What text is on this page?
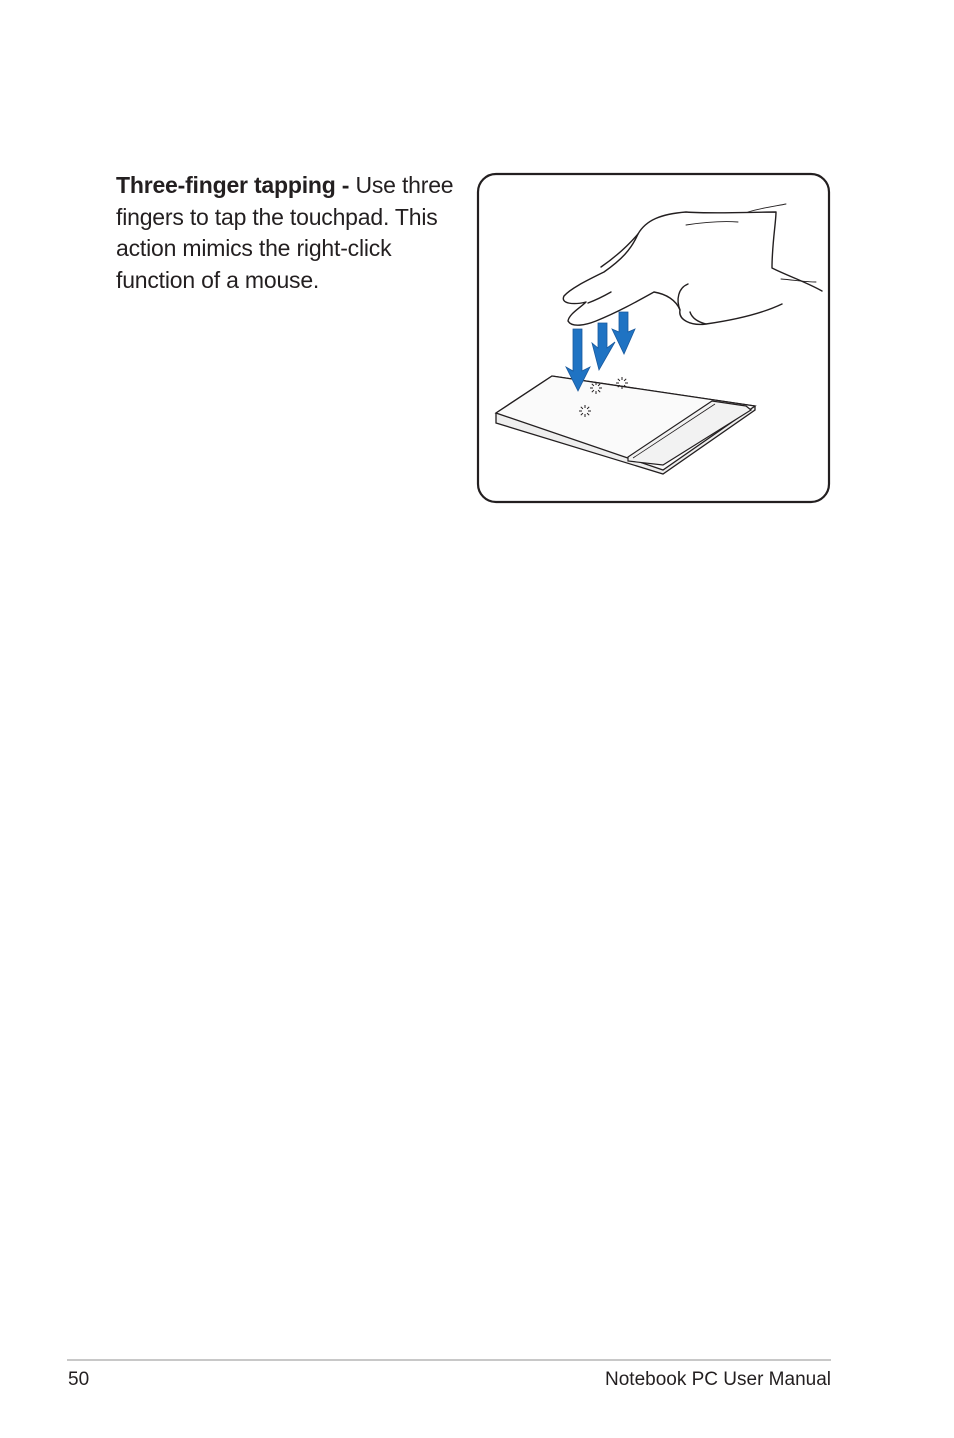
Three-finger tapping - Use three fingers to tap the touchpad. This action mimics the right-click function of a mouse.
50	Notebook PC User Manual
